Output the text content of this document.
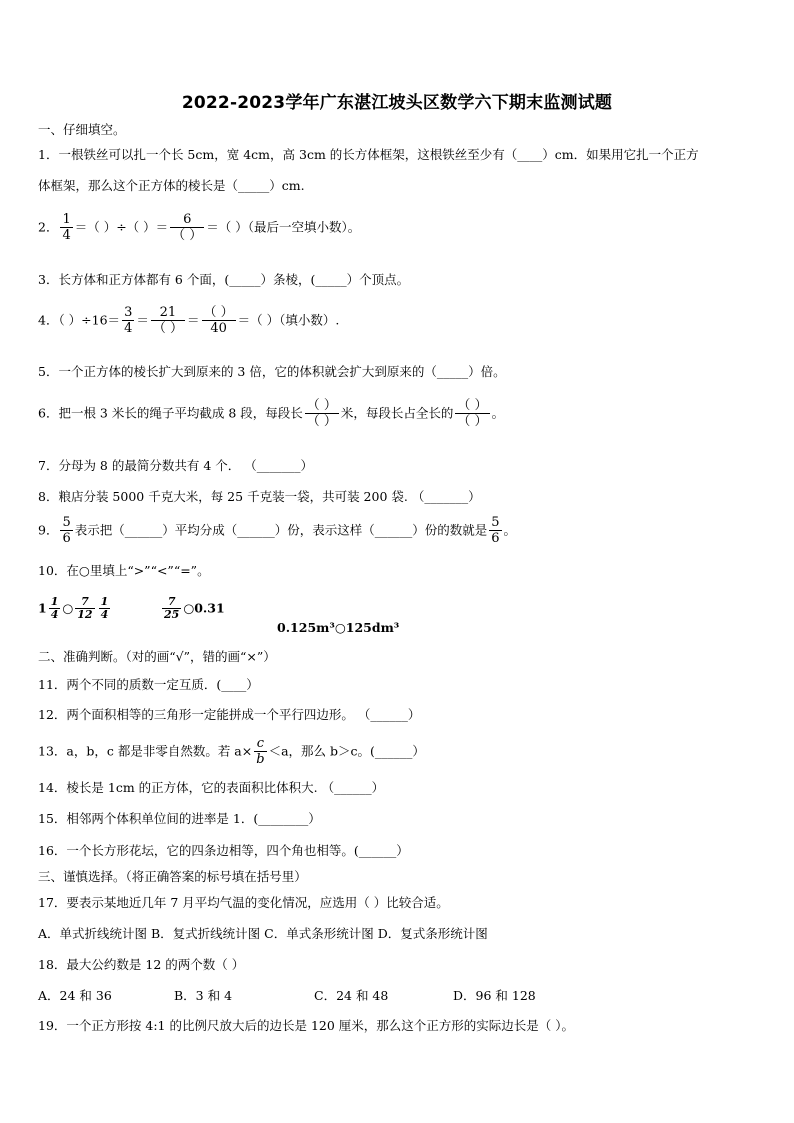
2022-2023学年广东湛江坡头区数学六下期末监测试题
一、仔细填空。
1．一根铁丝可以扎一个长 5cm，宽 4cm，高 3cm 的长方体框架，这根铁丝至少有（____）cm．如果用它扎一个正方
体框架，那么这个正方体的棱长是（_____）cm.
2． $\frac{1}{4}$ ＝（ ）÷（ ）＝ $\frac{6}{( )}$ ＝（ ）（最后一空填小数）。
3．长方体和正方体都有 6 个面，(_____）条棱，(_____）个顶点。
4．（ ）$\div 16= \frac{3}{4} = \frac{21}{( )} = \frac{( )}{40}$ ＝（ ）（填小数）.
5．一个正方体的棱长扩大到原来的 3 倍，它的体积就会扩大到原来的（_____）倍。
6．把一根 3 米长的绳子平均截成 8 段，每段长 $\frac{( )}{( )}$ 米，每段长占全长的 $\frac{( )}{( )}$ 。
7．分母为 8 的最简分数共有 4 个． （_______）
8．粮店分装 5000 千克大米，每 25 千克装一袋，共可装 200 袋. （_______）
9． $\frac{5}{6}$ 表示把（______）平均分成（______）份，表示这样（______）份的数就是 $\frac{5}{6}$ 。
10．在○里填上“>”“<”“=”。
$1 \frac{1}{4}$ ○ $\frac{7}{12} \frac{1}{4}$	$\frac{7}{25}$ ○0.31
0.125m³○125dm³
二、准确判断。（对的画“√”，错的画“×”）
11．两个不同的质数一定互质．(____）
12．两个面积相等的三角形一定能拼成一个平行四边形。 （______）
13．a，b，c 都是非零自然数。若 $a\times \frac{c}{b} <a$，那么 b＞c。(______）
14．棱长是 1cm 的正方体，它的表面积比体积大. （______）
15．相邻两个体积单位间的进率是 1．(________）
16．一个长方形花坛，它的四条边相等，四个角也相等。(______）
三、谨慎选择。（将正确答案的标号填在括号里）
17．要表示某地近几年 7 月平均气温的变化情况，应选用（ ）比较合适。
A．单式折线统计图 B．复式折线统计图 C．单式条形统计图 D．复式条形统计图
18．最大公约数是 12 的两个数（ ）
A．24 和 36	B．3 和 4	C．24 和 48	D．96 和 128
19．一个正方形按 4:1 的比例尺放大后的边长是 120 厘米，那么这个正方形的实际边长是（ ）。
